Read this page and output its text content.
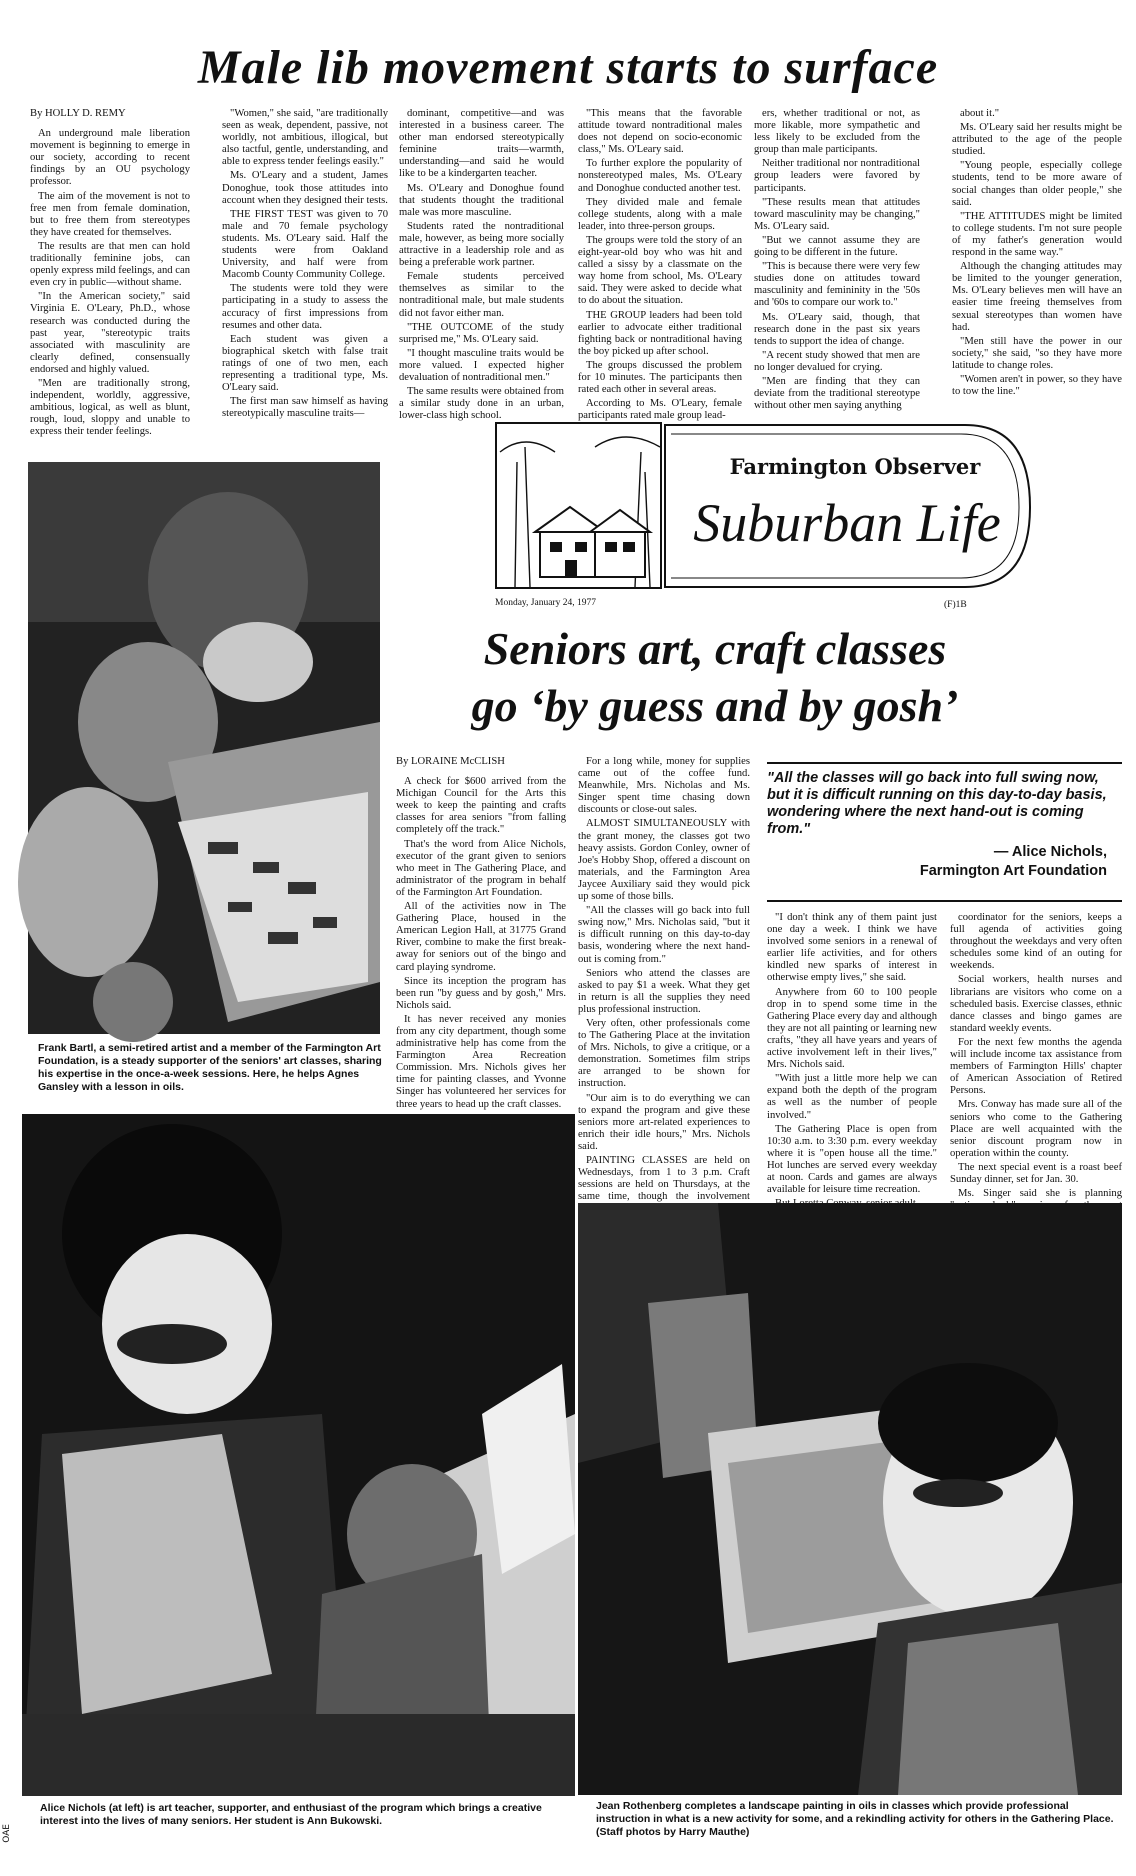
Male lib movement starts to surface

By HOLLY D. REMY

An underground male liberation movement is beginning to emerge in our society, according to recent findings by an OU psychology professor.

The aim of the movement is not to free men from female domination, but to free them from stereotypes they have created for themselves.

The results are that men can hold traditionally feminine jobs, can openly express mild feelings, and can even cry in public—without shame.

"In the American society," said Virginia E. O'Leary, Ph.D., whose research was conducted during the past year, "stereotypic traits associated with masculinity are clearly defined, consensually endorsed and highly valued.

"Men are traditionally strong, independent, worldly, aggressive, ambitious, logical, as well as blunt, rough, loud, sloppy and unable to express their tender feelings.

"Women," she said, "are traditionally seen as weak, dependent, passive, not worldly, not ambitious, illogical, but also tactful, gentle, understanding, and able to express tender feelings easily."

Ms. O'Leary and a student, James Donoghue, took those attitudes into account when they designed their tests.

THE FIRST TEST was given to 70 male and 70 female psychology students. Ms. O'Leary said. Half the students were from Oakland University, and half were from Macomb County Community College.

The students were told they were participating in a study to assess the accuracy of first impressions from resumes and other data.

Each student was given a biographical sketch with false trait ratings of one of two men, each representing a traditional type, Ms. O'Leary said.

The first man saw himself as having stereotypically masculine traits—

dominant, competitive—and was interested in a business career. The other man endorsed stereotypically feminine traits—warmth, understanding—and said he would like to be a kindergarten teacher.

Ms. O'Leary and Donoghue found that students thought the traditional male was more masculine.

Students rated the nontraditional male, however, as being more socially attractive in a leadership role and as being a preferable work partner.

Female students perceived themselves as similar to the nontraditional male, but male students did not favor either man.

"THE OUTCOME of the study surprised me," Ms. O'Leary said.

"I thought masculine traits would be more valued. I expected higher devaluation of nontraditional men."

The same results were obtained from a similar study done in an urban, lower-class high school.

"This means that the favorable attitude toward nontraditional males does not depend on socio-economic class," Ms. O'Leary said.

To further explore the popularity of nonstereotyped males, Ms. O'Leary and Donoghue conducted another test.

They divided male and female college students, along with a male leader, into three-person groups.

The groups were told the story of an eight-year-old boy who was hit and called a sissy by a classmate on the way home from school, Ms. O'Leary said. They were asked to decide what to do about the situation.

THE GROUP leaders had been told earlier to advocate either traditional fighting back or nontraditional having the boy picked up after school.

The groups discussed the problem for 10 minutes. The participants then rated each other in several areas.

According to Ms. O'Leary, female participants rated male group lead-

ers, whether traditional or not, as more likable, more sympathetic and less likely to be excluded from the group than male participants.

Neither traditional nor nontraditional group leaders were favored by participants.

"These results mean that attitudes toward masculinity may be changing," Ms. O'Leary said.

"But we cannot assume they are going to be different in the future.

"This is because there were very few studies done on attitudes toward masculinity and femininity in the '50s and '60s to compare our work to."

Ms. O'Leary said, though, that research done in the past six years tends to support the idea of change.

"A recent study showed that men are no longer devalued for crying.

"Men are finding that they can deviate from the traditional stereotype without other men saying anything

about it."

Ms. O'Leary said her results might be attributed to the age of the people studied.

"Young people, especially college students, tend to be more aware of social changes than older people," she said.

"THE ATTITUDES might be limited to college students. I'm not sure people of my father's generation would respond in the same way."

Although the changing attitudes may be limited to the younger generation, Ms. O'Leary believes men will have an easier time freeing themselves from sexual stereotypes than women have had.

"Men still have the power in our society," she said, "so they have more latitude to change roles.

"Women aren't in power, so they have to tow the line."

Frank Bartl, a semi-retired artist and a member of the Farmington Art Foundation, is a steady supporter of the seniors' art classes, sharing his expertise in the once-a-week sessions. Here, he helps Agnes Gansley with a lesson in oils.
Farmington Observer
Suburban Life
Monday, January 24, 1977	(F)1B
Seniors art, craft classes
go ‘by guess and by gosh’

By LORAINE McCLISH

A check for $600 arrived from the Michigan Council for the Arts this week to keep the painting and crafts classes for area seniors "from falling completely off the track."

That's the word from Alice Nichols, executor of the grant given to seniors who meet in The Gathering Place, and administrator of the program in behalf of the Farmington Art Foundation.

All of the activities now in The Gathering Place, housed in the American Legion Hall, at 31775 Grand River, combine to make the first break-away for seniors out of the bingo and card playing syndrome.

Since its inception the program has been run "by guess and by gosh," Mrs. Nichols said.

It has never received any monies from any city department, though some administrative help has come from the Farmington Area Recreation Commission. Mrs. Nichols gives her time for painting classes, and Yvonne Singer has volunteered her services for three years to head up the craft classes.

For a long while, money for supplies came out of the coffee fund. Meanwhile, Mrs. Nicholas and Ms. Singer spent time chasing down discounts or close-out sales.

ALMOST SIMULTANEOUSLY with the grant money, the classes got two heavy assists. Gordon Conley, owner of Joe's Hobby Shop, offered a discount on materials, and the Farmington Area Jaycee Auxiliary said they would pick up some of those bills.

"All the classes will go back into full swing now," Mrs. Nicholas said, "but it is difficult running on this day-to-day basis, wondering where the next hand-out is coming from."

Seniors who attend the classes are asked to pay $1 a week. What they get in return is all the supplies they need plus professional instruction.

Very often, other professionals come to The Gathering Place at the invitation of Mrs. Nichols, to give a critique, or a demonstration. Sometimes film strips are arranged to be shown for instruction.

"Our aim is to do everything we can to expand the program and give these seniors more art-related experiences to enrich their idle hours," Mrs. Nichols said.

PAINTING CLASSES are held on Wednesdays, from 1 to 3 p.m. Craft sessions are held on Thursdays, at the same time, though the involvement

"All the classes will go back into full swing now, but it is difficult running on this day-to-day basis, wondering where the next hand-out is coming from."
— Alice Nichols,
Farmington Art Foundation

"I don't think any of them paint just one day a week. I think we have involved some seniors in a renewal of earlier life activities, and for others kindled new sparks of interest in otherwise empty lives," she said.

Anywhere from 60 to 100 people drop in to spend some time in the Gathering Place every day and although they are not all painting or learning new crafts, "they all have years and years of active involvement left in their lives," Mrs. Nichols said.

"With just a little more help we can expand both the depth of the program as well as the number of people involved."

The Gathering Place is open from 10:30 a.m. to 3:30 p.m. every weekday where it is "open house all the time." Hot lunches are served every weekday at noon. Cards and games are always available for leisure time recreation.

coordinator for the seniors, keeps a full agenda of activities going throughout the weekdays and very often schedules some kind of an outing for weekends.

Social workers, health nurses and librarians are visitors who come on a scheduled basis. Exercise classes, ethnic dance classes and bingo games are standard weekly events.

For the next few months the agenda will include income tax assistance from members of Farmington Hills' chapter of American Association of Retired Persons.

Mrs. Conway has made sure all of the seniors who come to the Gathering Place are well acquainted with the senior discount program now in operation within the county.

The next special event is a roast beef Sunday dinner, set for Jan. 30.

Ms. Singer said she is planning

Alice Nichols (at left) is art teacher, supporter, and enthusiast of the program which brings a creative interest into the lives of many seniors. Her student is Ann Bukowski.
Jean Rothenberg completes a landscape painting in oils in classes which provide professional instruction in what is a new activity for some, and a rekindling activity for others in the Gathering Place. (Staff photos by Harry Mauthe)
OAE
